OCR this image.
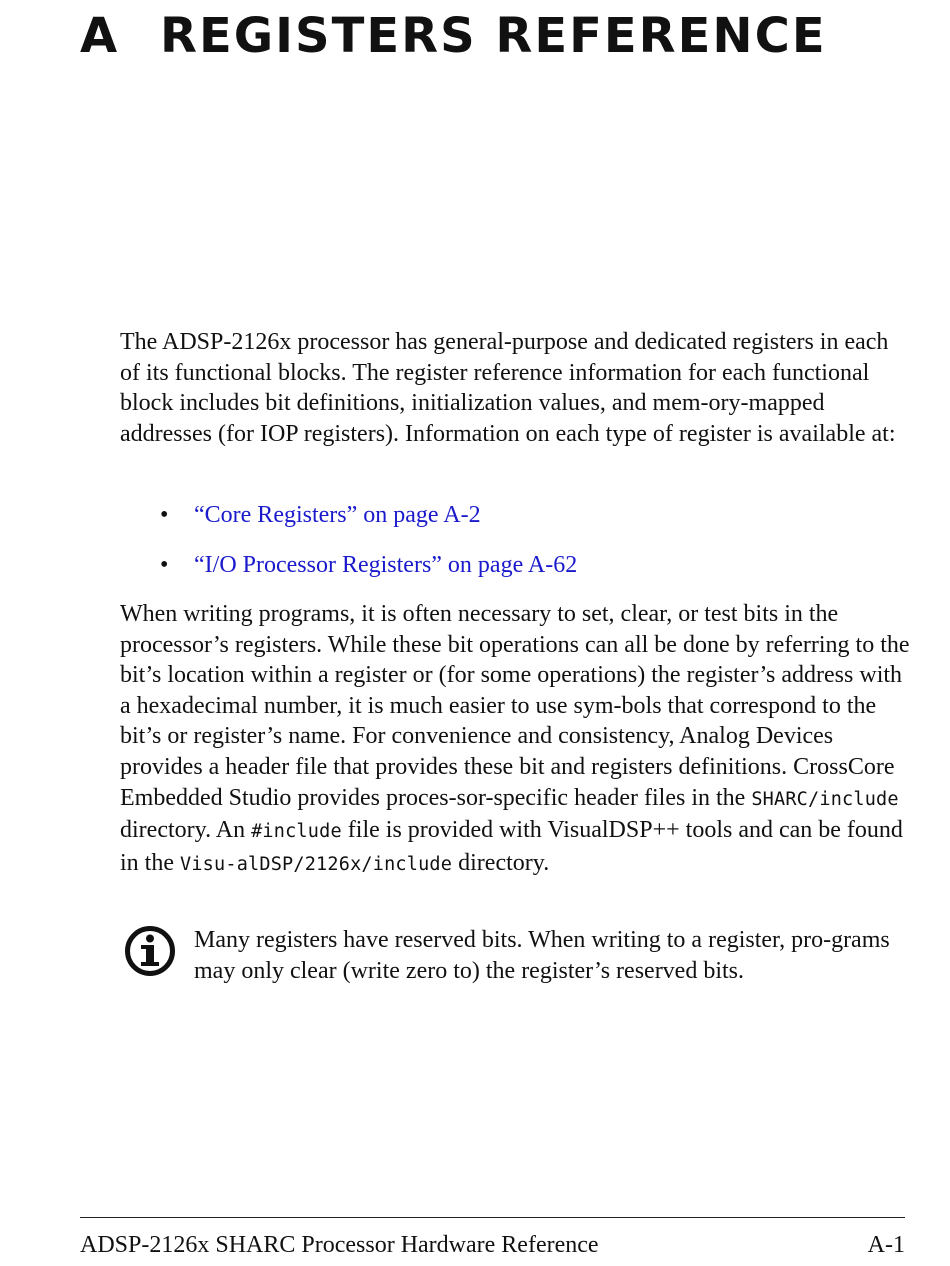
A REGISTERS REFERENCE

The ADSP-2126x processor has general-purpose and dedicated registers in each of its functional blocks. The register reference information for each functional block includes bit definitions, initialization values, and mem-ory-mapped addresses (for IOP registers). Information on each type of register is available at:

• “Core Registers” on page A-2
• “I/O Processor Registers” on page A-62

When writing programs, it is often necessary to set, clear, or test bits in the processor’s registers. While these bit operations can all be done by referring to the bit’s location within a register or (for some operations) the register’s address with a hexadecimal number, it is much easier to use sym-bols that correspond to the bit’s or register’s name. For convenience and consistency, Analog Devices provides a header file that provides these bit and registers definitions. CrossCore Embedded Studio provides proces-sor-specific header files in the SHARC/include directory. An #include file is provided with VisualDSP++ tools and can be found in the Visu-alDSP/2126x/include directory.

Many registers have reserved bits. When writing to a register, pro-grams may only clear (write zero to) the register’s reserved bits.

ADSP-2126x SHARC Processor Hardware Reference	A-1
